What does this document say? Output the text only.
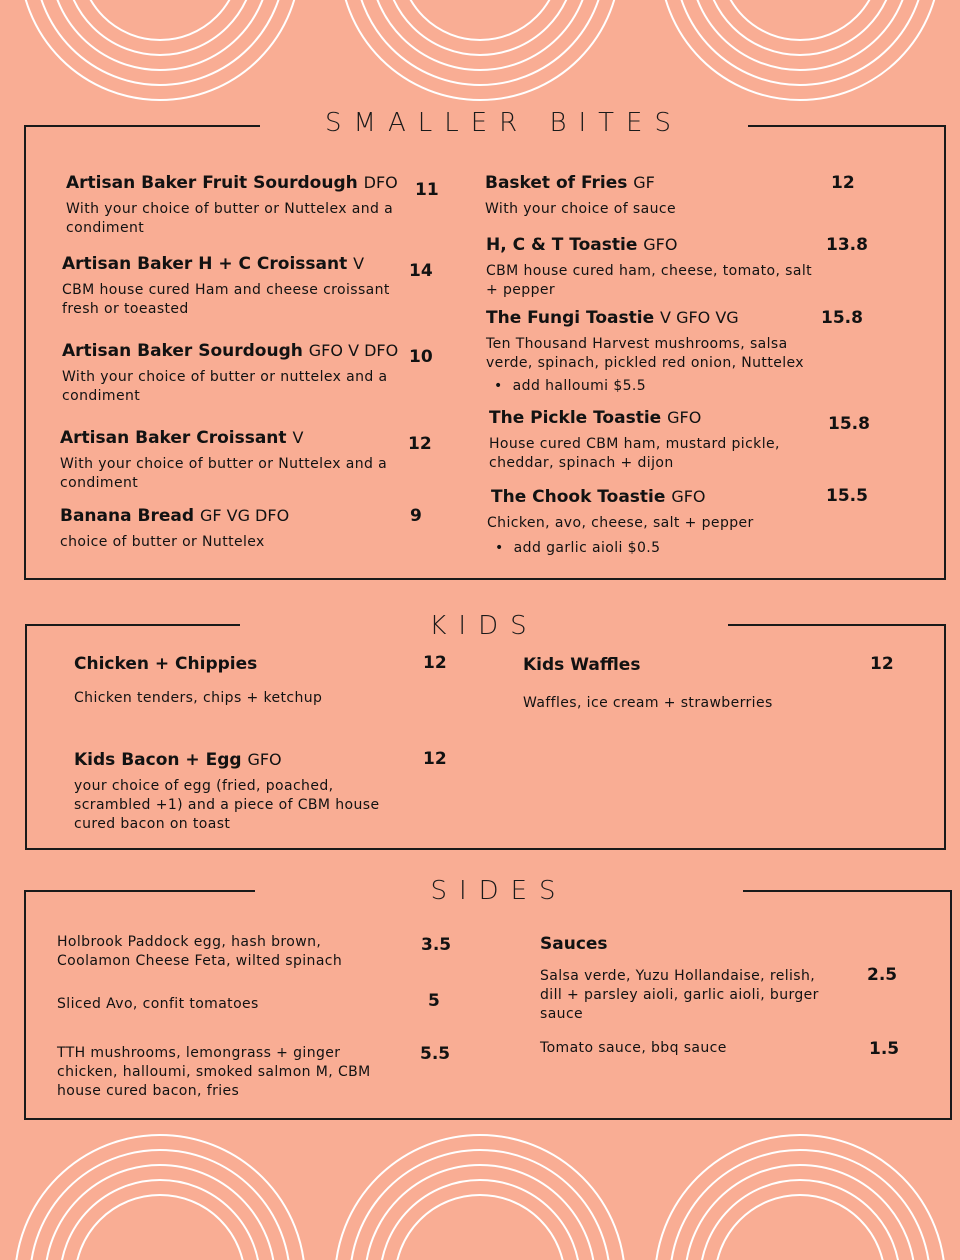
SMALLER BITES
Artisan Baker Fruit Sourdough DFO
With your choice of butter or Nuttelex and a condiment
11
Artisan Baker H + C Croissant V
CBM house cured Ham and cheese croissant fresh or toeasted
14
Artisan Baker Sourdough GFO V DFO
With your choice of butter or nuttelex and a condiment
10
Artisan Baker Croissant V
With your choice of butter or Nuttelex and a condiment
12
Banana Bread GF VG DFO
choice of butter or Nuttelex
9
Basket of Fries GF
With your choice of sauce
12
H, C & T Toastie GFO
CBM house cured ham, cheese, tomato, salt + pepper
13.8
The Fungi Toastie V GFO VG
Ten Thousand Harvest mushrooms, salsa verde, spinach, pickled red onion, Nuttelex
• add halloumi $5.5
15.8
The Pickle Toastie GFO
House cured CBM ham, mustard pickle, cheddar, spinach + dijon
15.8
The Chook Toastie GFO
Chicken, avo, cheese, salt + pepper
• add garlic aioli $0.5
15.5
KIDS
Chicken + Chippies
Chicken tenders, chips + ketchup
12	Kids Waffles
Waffles, ice cream + strawberries
12
Kids Bacon + Egg GFO
your choice of egg (fried, poached, scrambled +1) and a piece of CBM house cured bacon on toast
12
SIDES
Holbrook Paddock egg, hash brown, Coolamon Cheese Feta, wilted spinach
3.5
Sliced Avo, confit tomatoes	5
TTH mushrooms, lemongrass + ginger chicken, halloumi, smoked salmon M, CBM house cured bacon, fries
5.5
Sauces
Salsa verde, Yuzu Hollandaise, relish, dill + parsley aioli, garlic aioli, burger sauce
2.5
Tomato sauce, bbq sauce	1.5
